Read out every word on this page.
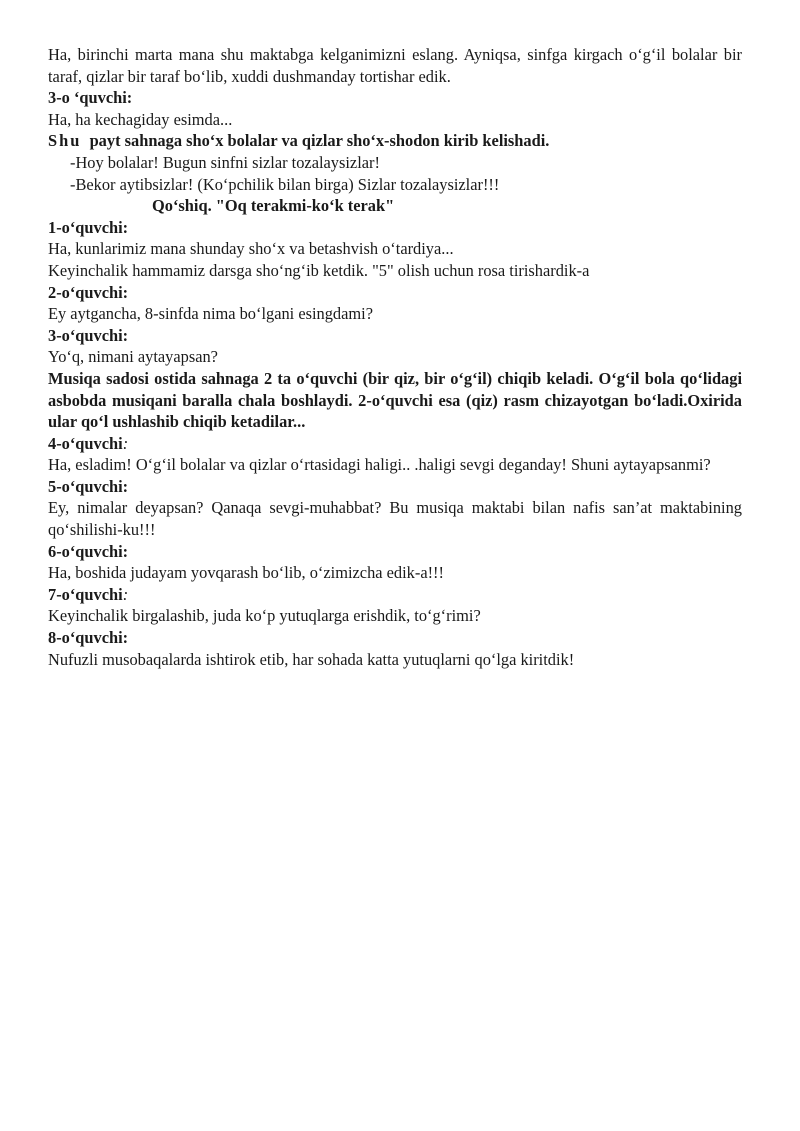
Ha, birinchi marta mana shu maktabga kelganimizni eslang. Ayniqsa, sinfga kirgach o‘g‘il bolalar bir taraf, qizlar bir taraf bo‘lib, xuddi dushmanday tortishar edik.

3-o ‘quvchi:

Ha, ha kechagiday esimda...

Shu payt sahnaga sho‘x bolalar va qizlar sho‘x-shodon kirib kelishadi.

-Hoy bolalar! Bugun sinfni sizlar tozalaysizlar!

-Bekor aytibsizlar! (Ko‘pchilik bilan birga) Sizlar tozalaysizlar!!!

Qo‘shiq. "Oq terakmi-ko‘k terak"

1-o‘quvchi:

Ha, kunlarimiz mana shunday sho‘x va betashvish o‘tardiya...

Keyinchalik hammamiz darsga sho‘ng‘ib ketdik. "5" olish uchun rosa tirishardik-a

2-o‘quvchi:

Ey aytgancha, 8-sinfda nima bo‘lgani esingdami?

3-o‘quvchi:

Yo‘q, nimani aytayapsan?

Musiqa sadosi ostida sahnaga 2 ta o‘quvchi (bir qiz, bir o‘g‘il) chiqib keladi. O‘g‘il bola qo‘lidagi asbobda musiqani baralla chala boshlaydi. 2-o‘quvchi esa (qiz) rasm chizayotgan bo‘ladi.Oxirida ular qo‘l ushlashib chiqib ketadilar...

4-o‘quvchi:

Ha, esladim! O‘g‘il bolalar va qizlar o‘rtasidagi haligi.. .haligi sevgi deganday! Shuni aytayapsanmi?

5-o‘quvchi:

Ey, nimalar deyapsan? Qanaqa sevgi-muhabbat? Bu musiqa maktabi bilan nafis san’at maktabining qo‘shilishi-ku!!!

6-o‘quvchi:

Ha, boshida judayam yovqarash bo‘lib, o‘zimizcha edik-a!!!

7-o‘quvchi:

Keyinchalik birgalashib, juda ko‘p yutuqlarga erishdik, to‘g‘rimi?

8-o‘quvchi:

Nufuzli musobaqalarda ishtirok etib, har sohada katta yutuqlarni qo‘lga kiritdik!
